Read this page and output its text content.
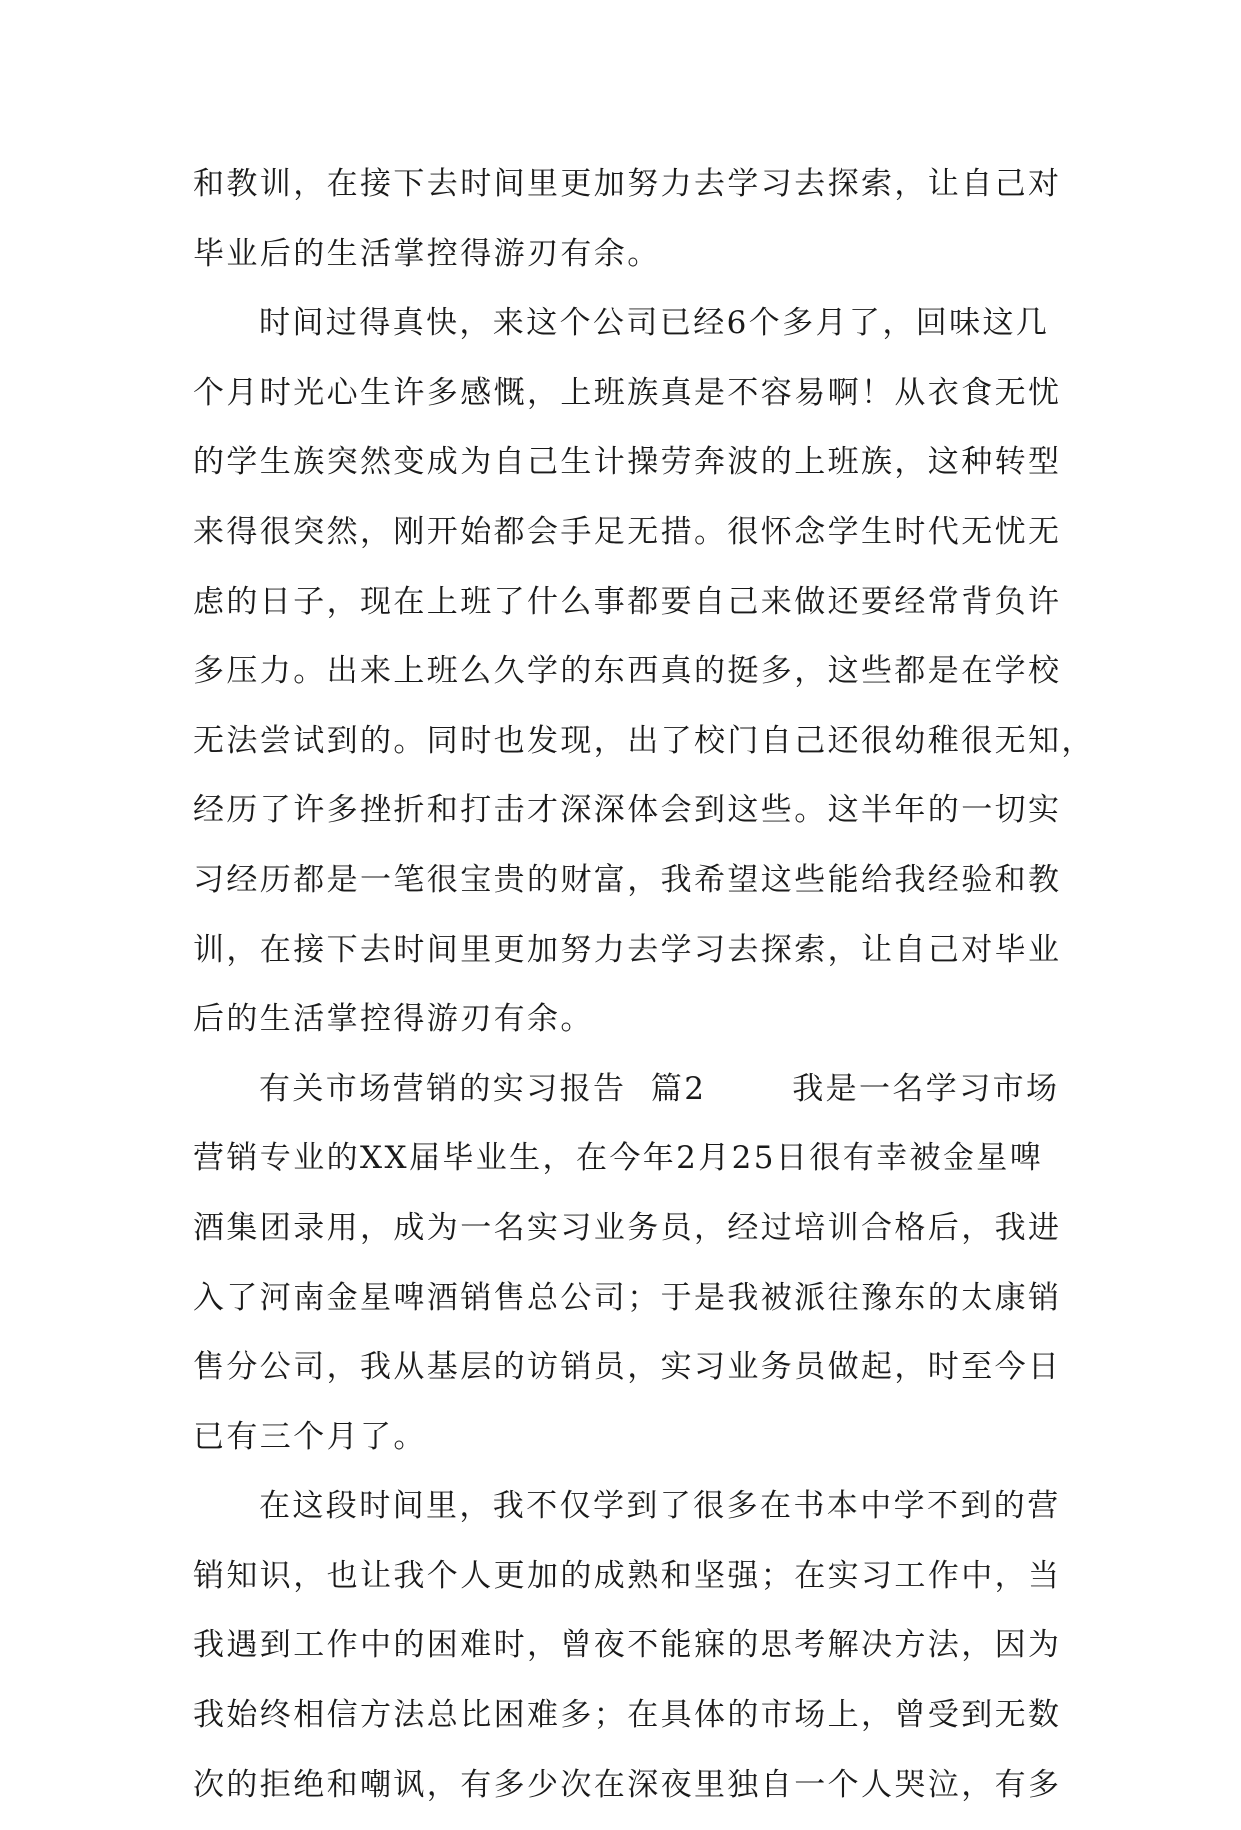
和教训，在接下去时间里更加努力去学习去探索，让自己对
毕业后的生活掌控得游刃有余。
时间过得真快，来这个公司已经6个多月了，回味这几
个月时光心生许多感慨，上班族真是不容易啊！从衣食无忧
的学生族突然变成为自己生计操劳奔波的上班族，这种转型
来得很突然，刚开始都会手足无措。很怀念学生时代无忧无
虑的日子，现在上班了什么事都要自己来做还要经常背负许
多压力。出来上班么久学的东西真的挺多，这些都是在学校
无法尝试到的。同时也发现，出了校门自己还很幼稚很无知，
经历了许多挫折和打击才深深体会到这些。这半年的一切实
习经历都是一笔很宝贵的财富，我希望这些能给我经验和教
训，在接下去时间里更加努力去学习去探索，让自己对毕业
后的生活掌控得游刃有余。
有关市场营销的实习报告  篇2       我是一名学习市场
营销专业的XX届毕业生，在今年2月25日很有幸被金星啤
酒集团录用，成为一名实习业务员，经过培训合格后，我进
入了河南金星啤酒销售总公司；于是我被派往豫东的太康销
售分公司，我从基层的访销员，实习业务员做起，时至今日
已有三个月了。
在这段时间里，我不仅学到了很多在书本中学不到的营
销知识，也让我个人更加的成熟和坚强；在实习工作中，当
我遇到工作中的困难时，曾夜不能寐的思考解决方法，因为
我始终相信方法总比困难多；在具体的市场上，曾受到无数
次的拒绝和嘲讽，有多少次在深夜里独自一个人哭泣，有多
